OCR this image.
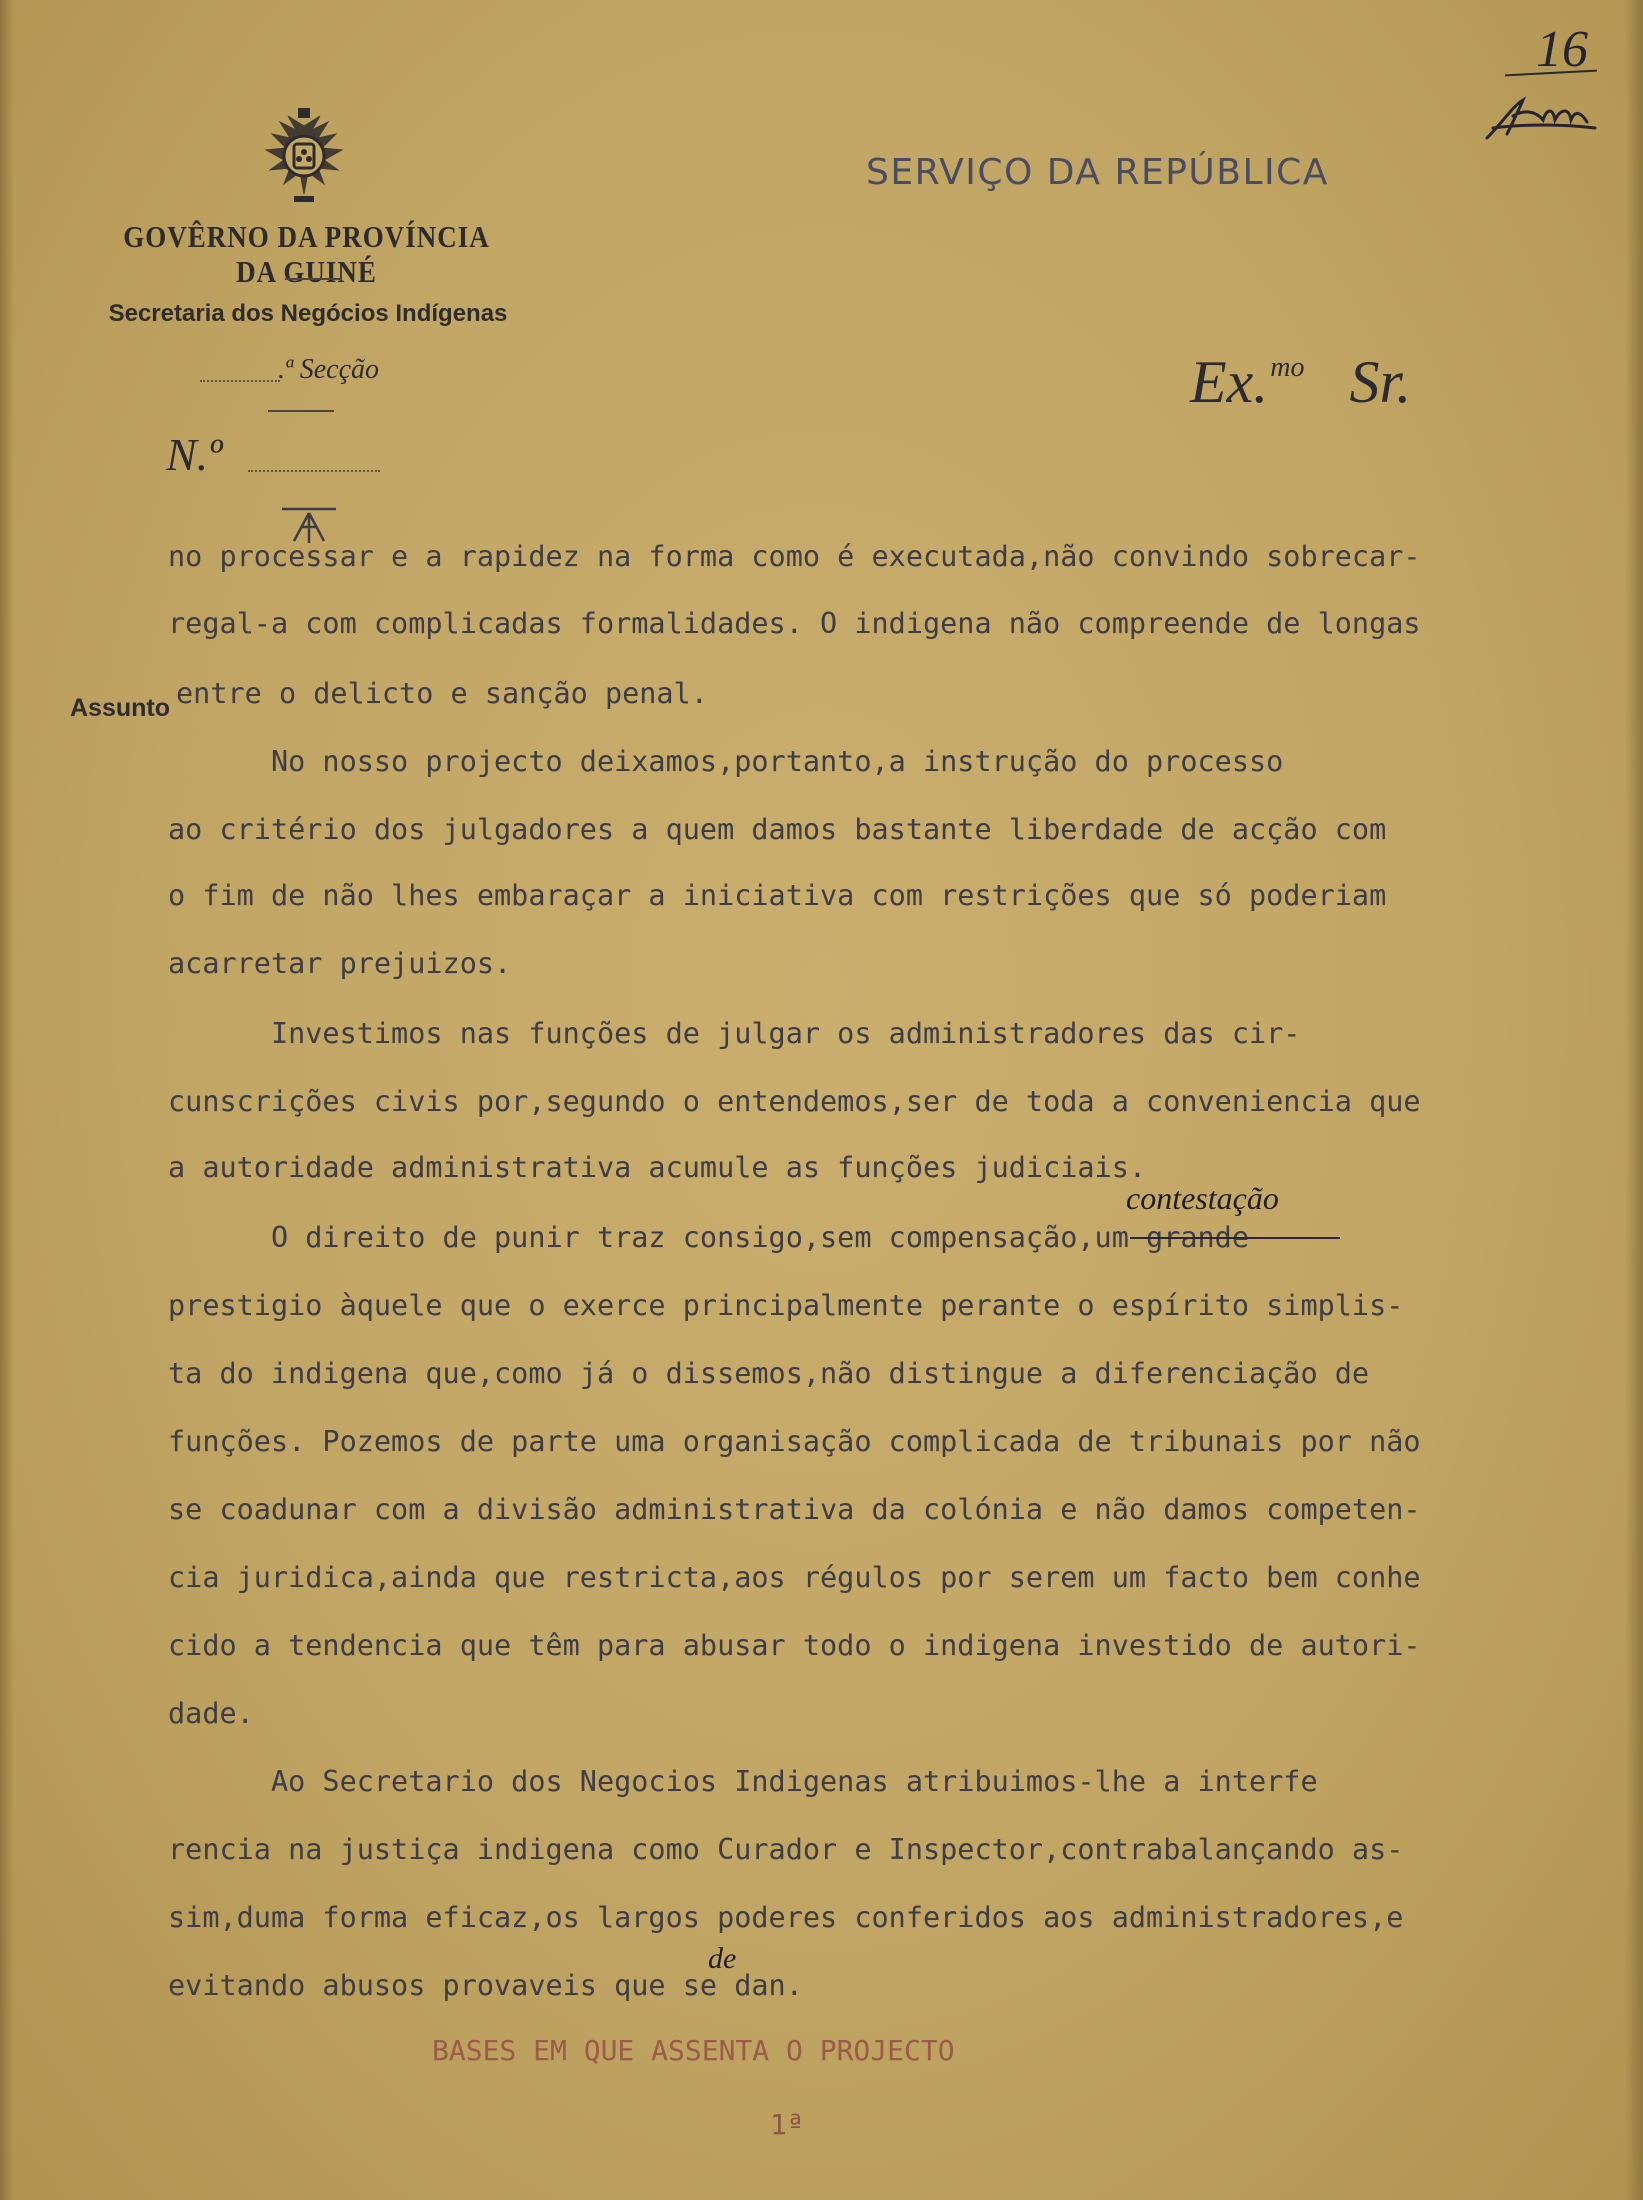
GOVÊRNO DA PROVÍNCIA DA GUINÉ
Secretaria dos Negócios Indígenas
.ª Secção
N.º
SERVIÇO DA REPÚBLICA
Ex.$^{mo}$ Sr.
16
Assunto
no processar e a rapidez na forma como é executada,não convindo sobrecar-
regal-a com complicadas formalidades. O indigena não compreende de longas
entre o delicto e sanção penal.
No nosso projecto deixamos,portanto,a instrução do processo
ao critério dos julgadores a quem damos bastante liberdade de acção com
o fim de não lhes embaraçar a iniciativa com restrições que só poderiam
acarretar prejuizos.
Investimos nas funções de julgar os administradores das cir-
cunscrições civis por,segundo o entendemos,ser de toda a conveniencia que
a autoridade administrativa acumule as funções judiciais.
O direito de punir traz consigo,sem compensação,um grande
prestigio àquele que o exerce principalmente perante o espírito simplis-
ta do indigena que,como já o dissemos,não distingue a diferenciação de
funções. Pozemos de parte uma organisação complicada de tribunais por não
se coadunar com a divisão administrativa da colónia e não damos competen-
cia juridica,ainda que restricta,aos régulos por serem um facto bem conhe
cido a tendencia que têm para abusar todo o indigena investido de autori-
dade.
Ao Secretario dos Negocios Indigenas atribuimos-lhe a interfe
rencia na justiça indigena como Curador e Inspector,contrabalançando as-
sim,duma forma eficaz,os largos poderes conferidos aos administradores,e
evitando abusos provaveis que se dan.
contestação
de
BASES EM QUE ASSENTA O PROJECTO
1ª
